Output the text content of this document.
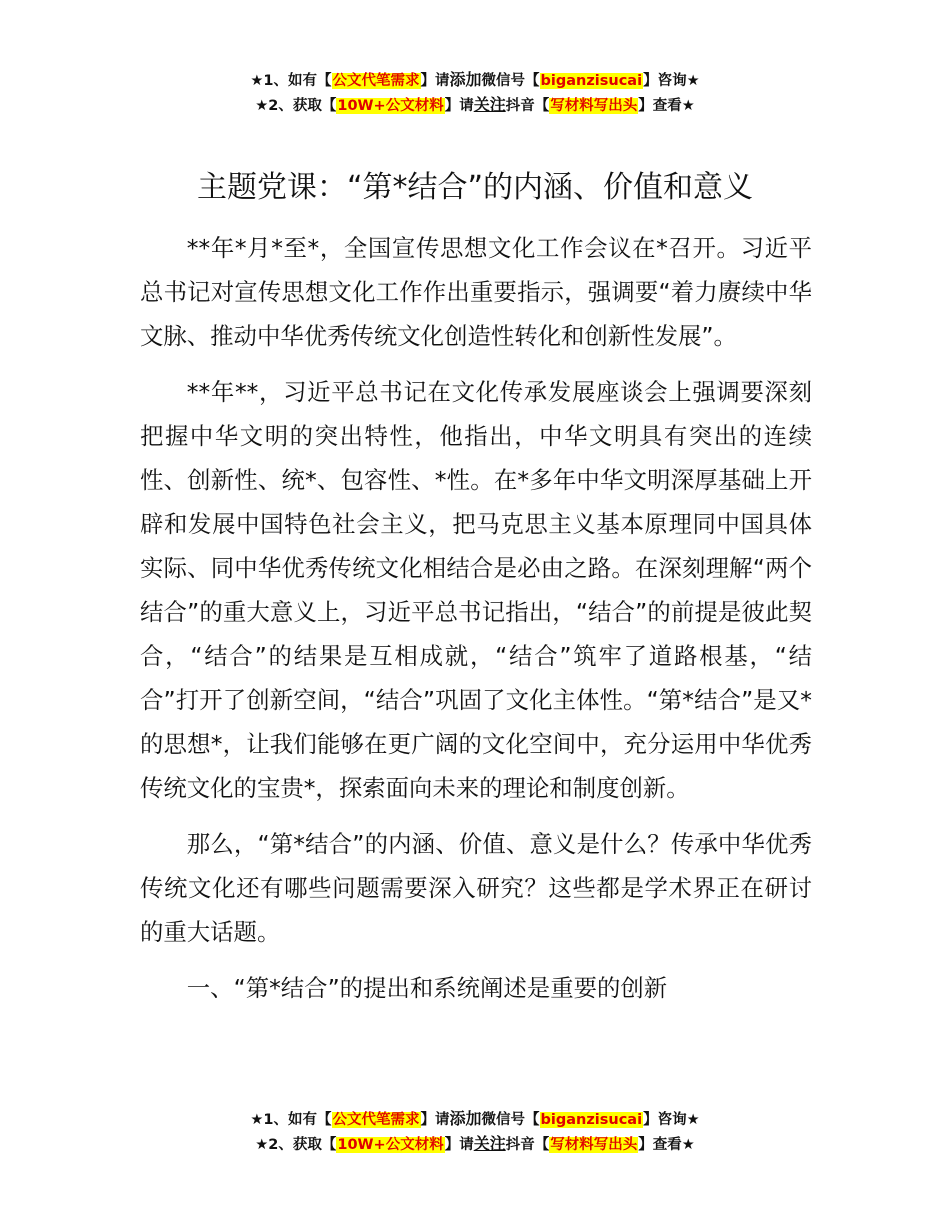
★1、如有【公文代笔需求】请添加微信号【biganzisucai】咨询★
★2、获取【10W+公文材料】请关注抖音【写材料写出头】查看★
主题党课：“第*结合”的内涵、价值和意义

**年*月*至*，全国宣传思想文化工作会议在*召开。习近平总书记对宣传思想文化工作作出重要指示，强调要“着力赓续中华文脉、推动中华优秀传统文化创造性转化和创新性发展”。

**年**，习近平总书记在文化传承发展座谈会上强调要深刻把握中华文明的突出特性，他指出，中华文明具有突出的连续性、创新性、统*、包容性、*性。在*多年中华文明深厚基础上开辟和发展中国特色社会主义，把马克思主义基本原理同中国具体实际、同中华优秀传统文化相结合是必由之路。在深刻理解“两个结合”的重大意义上，习近平总书记指出，“结合”的前提是彼此契合，“结合”的结果是互相成就，“结合”筑牢了道路根基，“结合”打开了创新空间，“结合”巩固了文化主体性。“第*结合”是又*的思想*，让我们能够在更广阔的文化空间中，充分运用中华优秀传统文化的宝贵*，探索面向未来的理论和制度创新。

那么，“第*结合”的内涵、价值、意义是什么？传承中华优秀传统文化还有哪些问题需要深入研究？这些都是学术界正在研讨的重大话题。

一、“第*结合”的提出和系统阐述是重要的创新

★1、如有【公文代笔需求】请添加微信号【biganzisucai】咨询★
★2、获取【10W+公文材料】请关注抖音【写材料写出头】查看★
